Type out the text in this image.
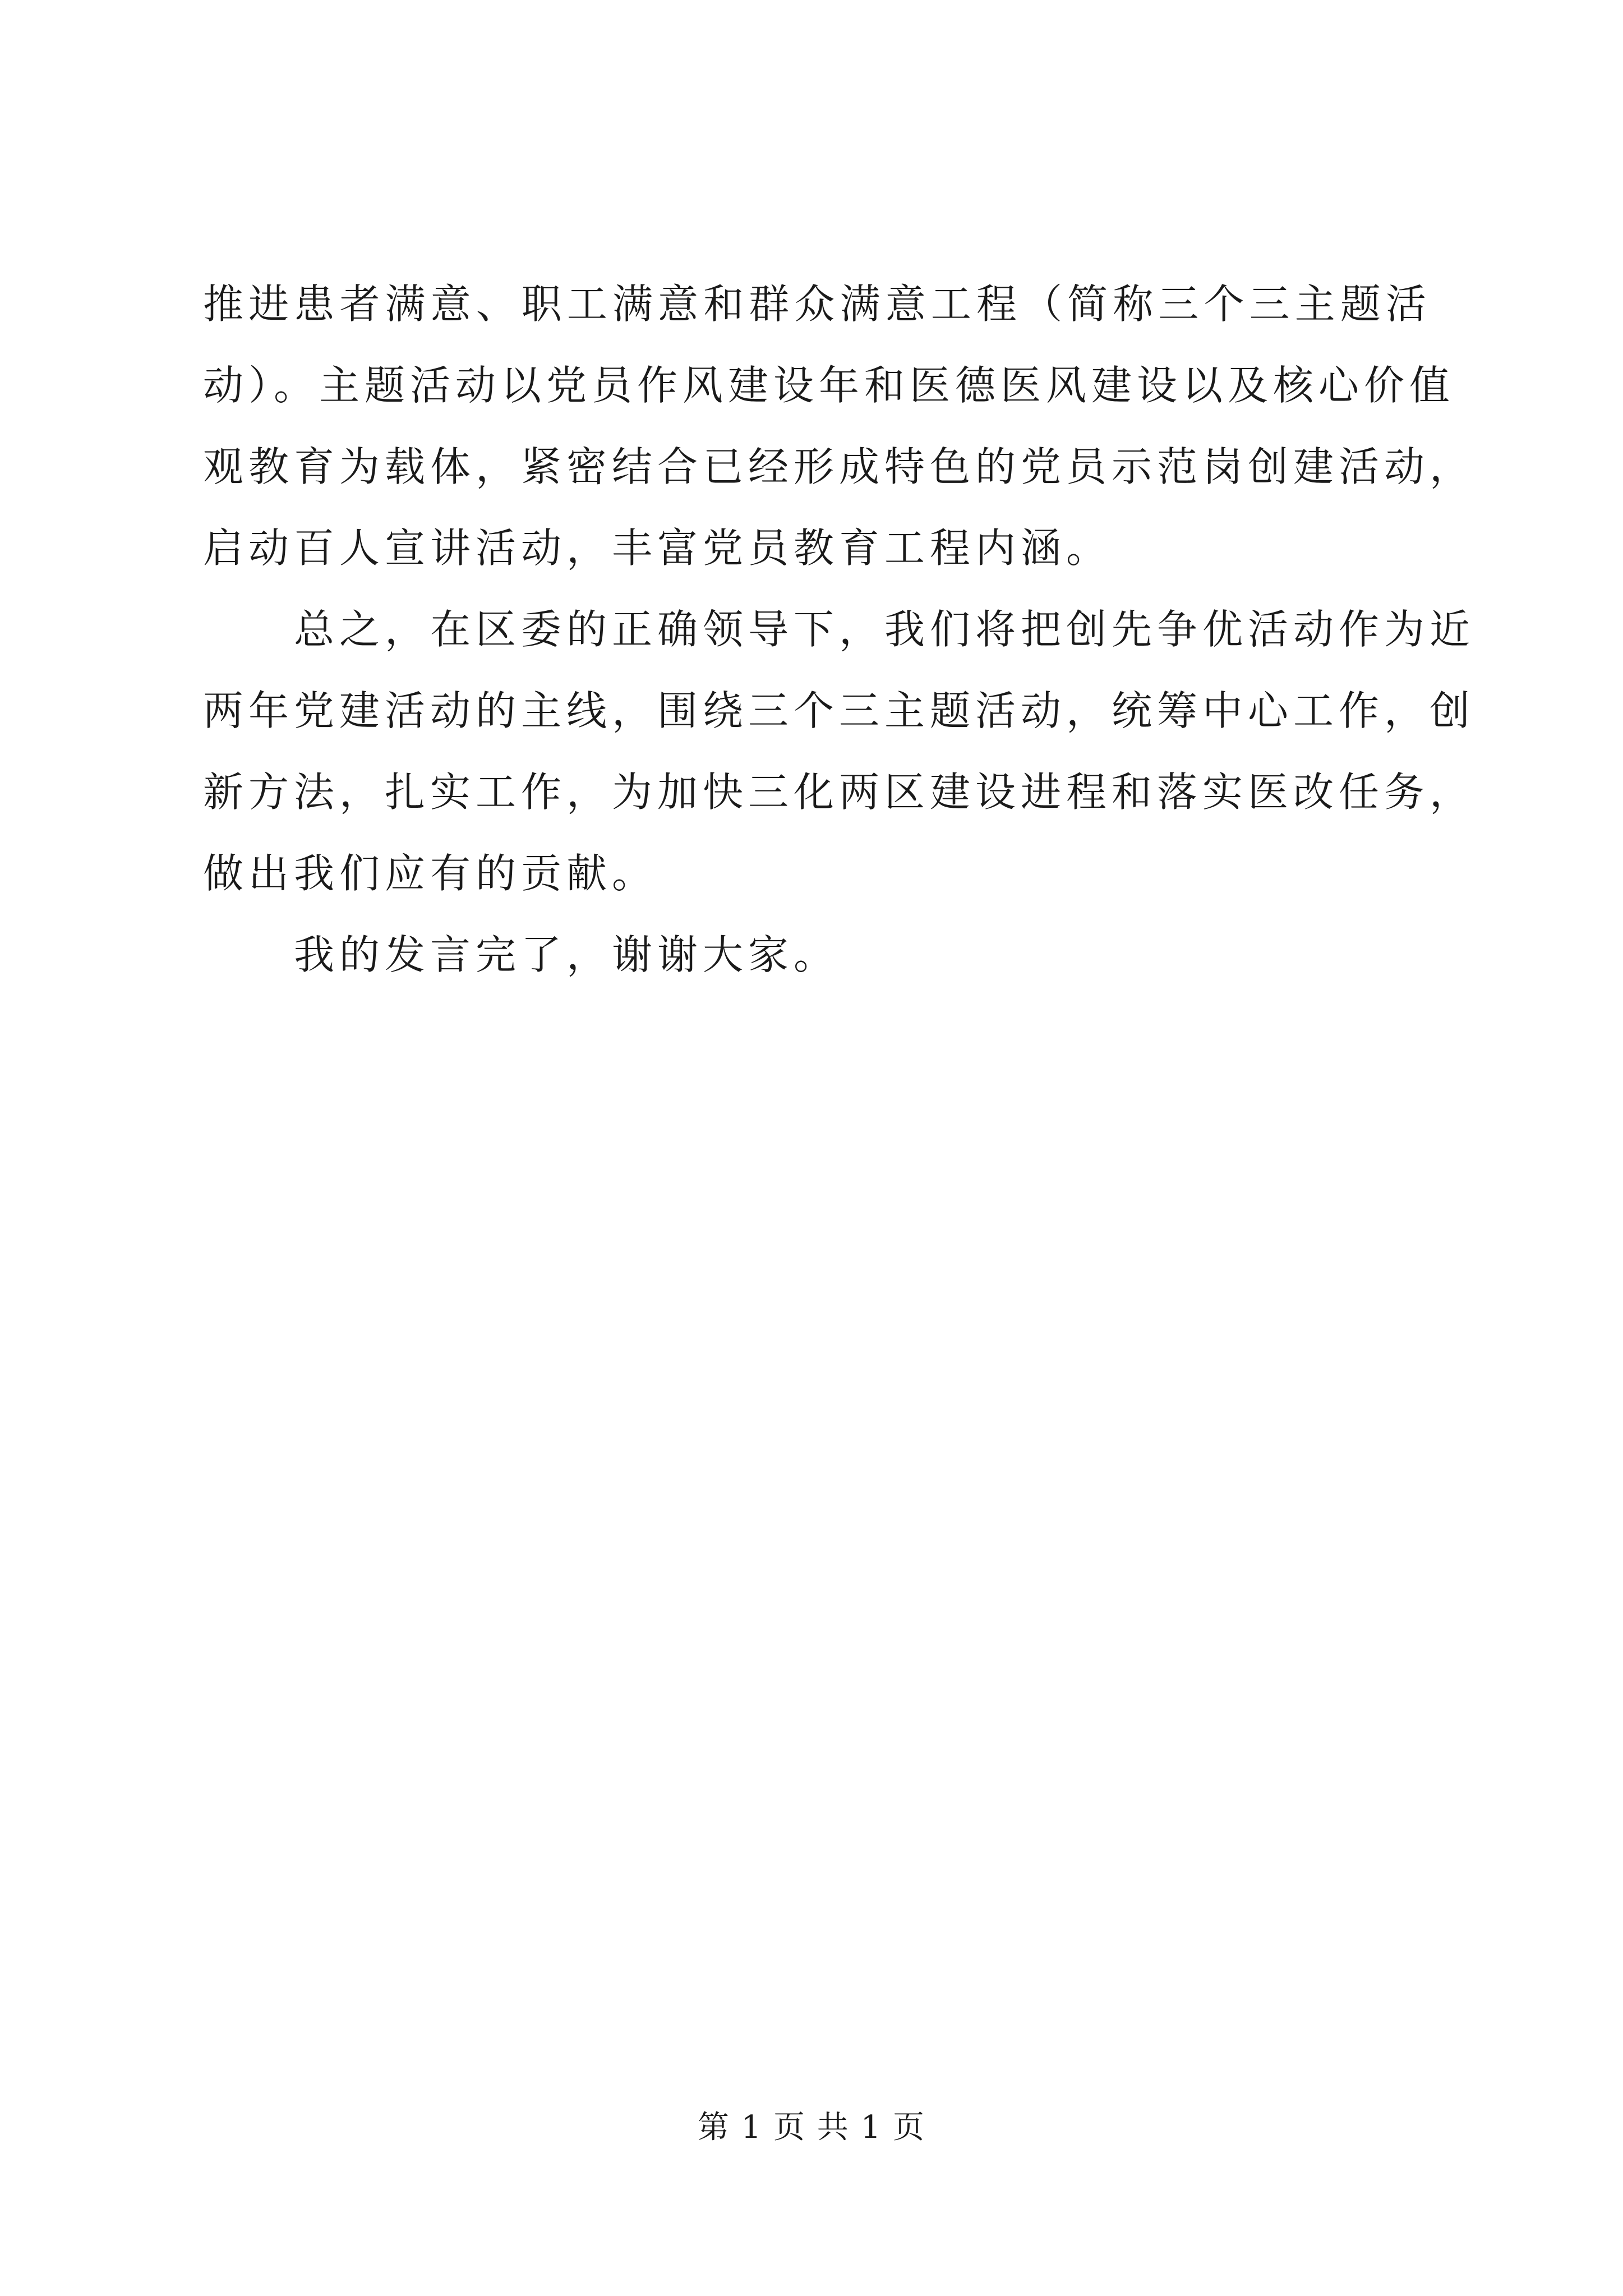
推进患者满意、职工满意和群众满意工程（简称三个三主题活
动）。主题活动以党员作风建设年和医德医风建设以及核心价值
观教育为载体，紧密结合已经形成特色的党员示范岗创建活动，
启动百人宣讲活动，丰富党员教育工程内涵。
总之，在区委的正确领导下，我们将把创先争优活动作为近
两年党建活动的主线，围绕三个三主题活动，统筹中心工作，创
新方法，扎实工作，为加快三化两区建设进程和落实医改任务，
做出我们应有的贡献。
我的发言完了，谢谢大家。
第 1 页 共 1 页
